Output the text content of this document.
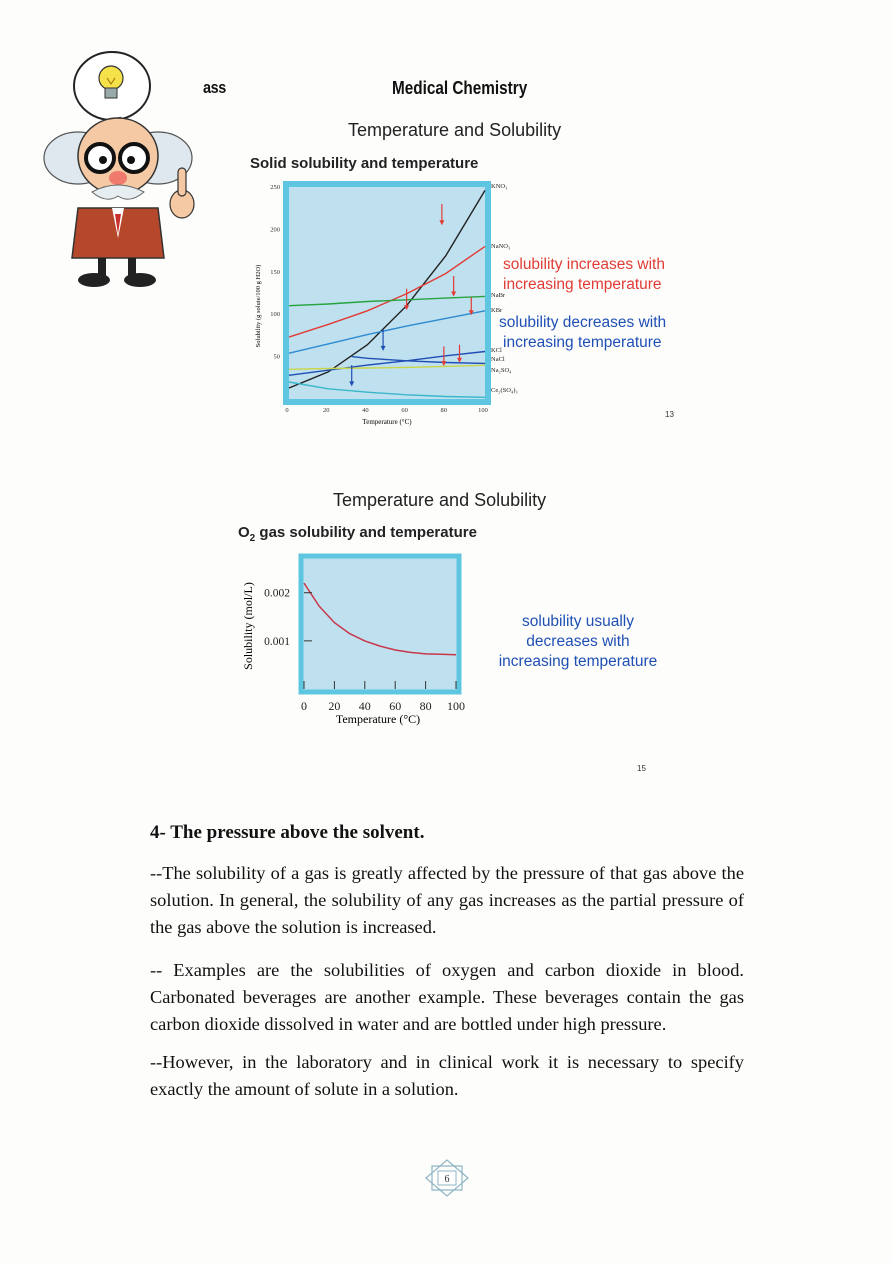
ass	Medical Chemistry
Temperature and Solubility
Solid solubility and temperature
0	20	40	60	80	100
50
100
150
200
250	KNO₃
NaNO₃
NaBr
KBr
KCl
NaCl
Na₂SO₄
Ce₂(SO₄)₃
Temperature (°C)
Solubility (g solute/100 g H2O)
solubility increases with
increasing temperature
solubility decreases with
increasing temperature
13
Temperature and Solubility
$O_2$ gas solubility and temperature
0 20 40 60 80 100
0.001
0.002
Temperature (°C)
Solubility (mol/L)	solubility usually
decreases with
increasing temperature
15
4- The pressure above the solvent.
--The solubility of a gas is greatly affected by the pressure of that gas above the solution. In general, the solubility of any gas increases as the partial pressure of the gas above the solution is increased.
-- Examples are the solubilities of oxygen and carbon dioxide in blood. Carbonated beverages are another example. These beverages contain the gas carbon dioxide dissolved in water and are bottled under high pressure.
--However, in the laboratory and in clinical work it is necessary to specify exactly the amount of solute in a solution.
6
